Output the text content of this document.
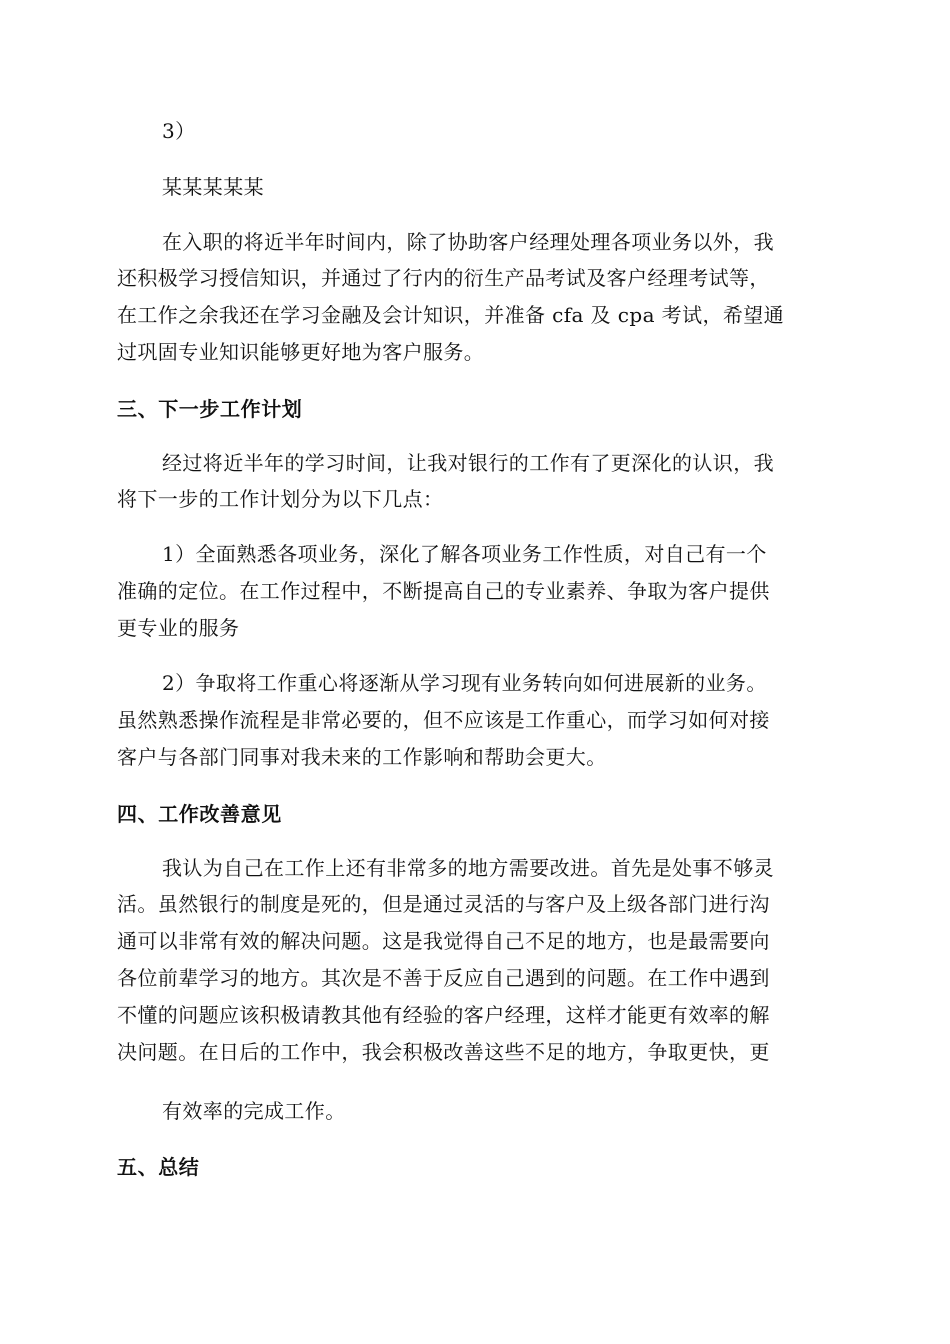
3）
某某某某某
在入职的将近半年时间内，除了协助客户经理处理各项业务以外，我
还积极学习授信知识，并通过了行内的衍生产品考试及客户经理考试等，
在工作之余我还在学习金融及会计知识，并准备 cfa 及 cpa 考试，希望通
过巩固专业知识能够更好地为客户服务。
三、下一步工作计划
经过将近半年的学习时间，让我对银行的工作有了更深化的认识，我
将下一步的工作计划分为以下几点：
1）全面熟悉各项业务，深化了解各项业务工作性质，对自己有一个
准确的定位。在工作过程中，不断提高自己的专业素养、争取为客户提供
更专业的服务
2）争取将工作重心将逐渐从学习现有业务转向如何进展新的业务。
虽然熟悉操作流程是非常必要的，但不应该是工作重心，而学习如何对接
客户与各部门同事对我未来的工作影响和帮助会更大。
四、工作改善意见
我认为自己在工作上还有非常多的地方需要改进。首先是处事不够灵
活。虽然银行的制度是死的，但是通过灵活的与客户及上级各部门进行沟
通可以非常有效的解决问题。这是我觉得自己不足的地方，也是最需要向
各位前辈学习的地方。其次是不善于反应自己遇到的问题。在工作中遇到
不懂的问题应该积极请教其他有经验的客户经理，这样才能更有效率的解
决问题。在日后的工作中，我会积极改善这些不足的地方，争取更快，更
有效率的完成工作。
五、总结
